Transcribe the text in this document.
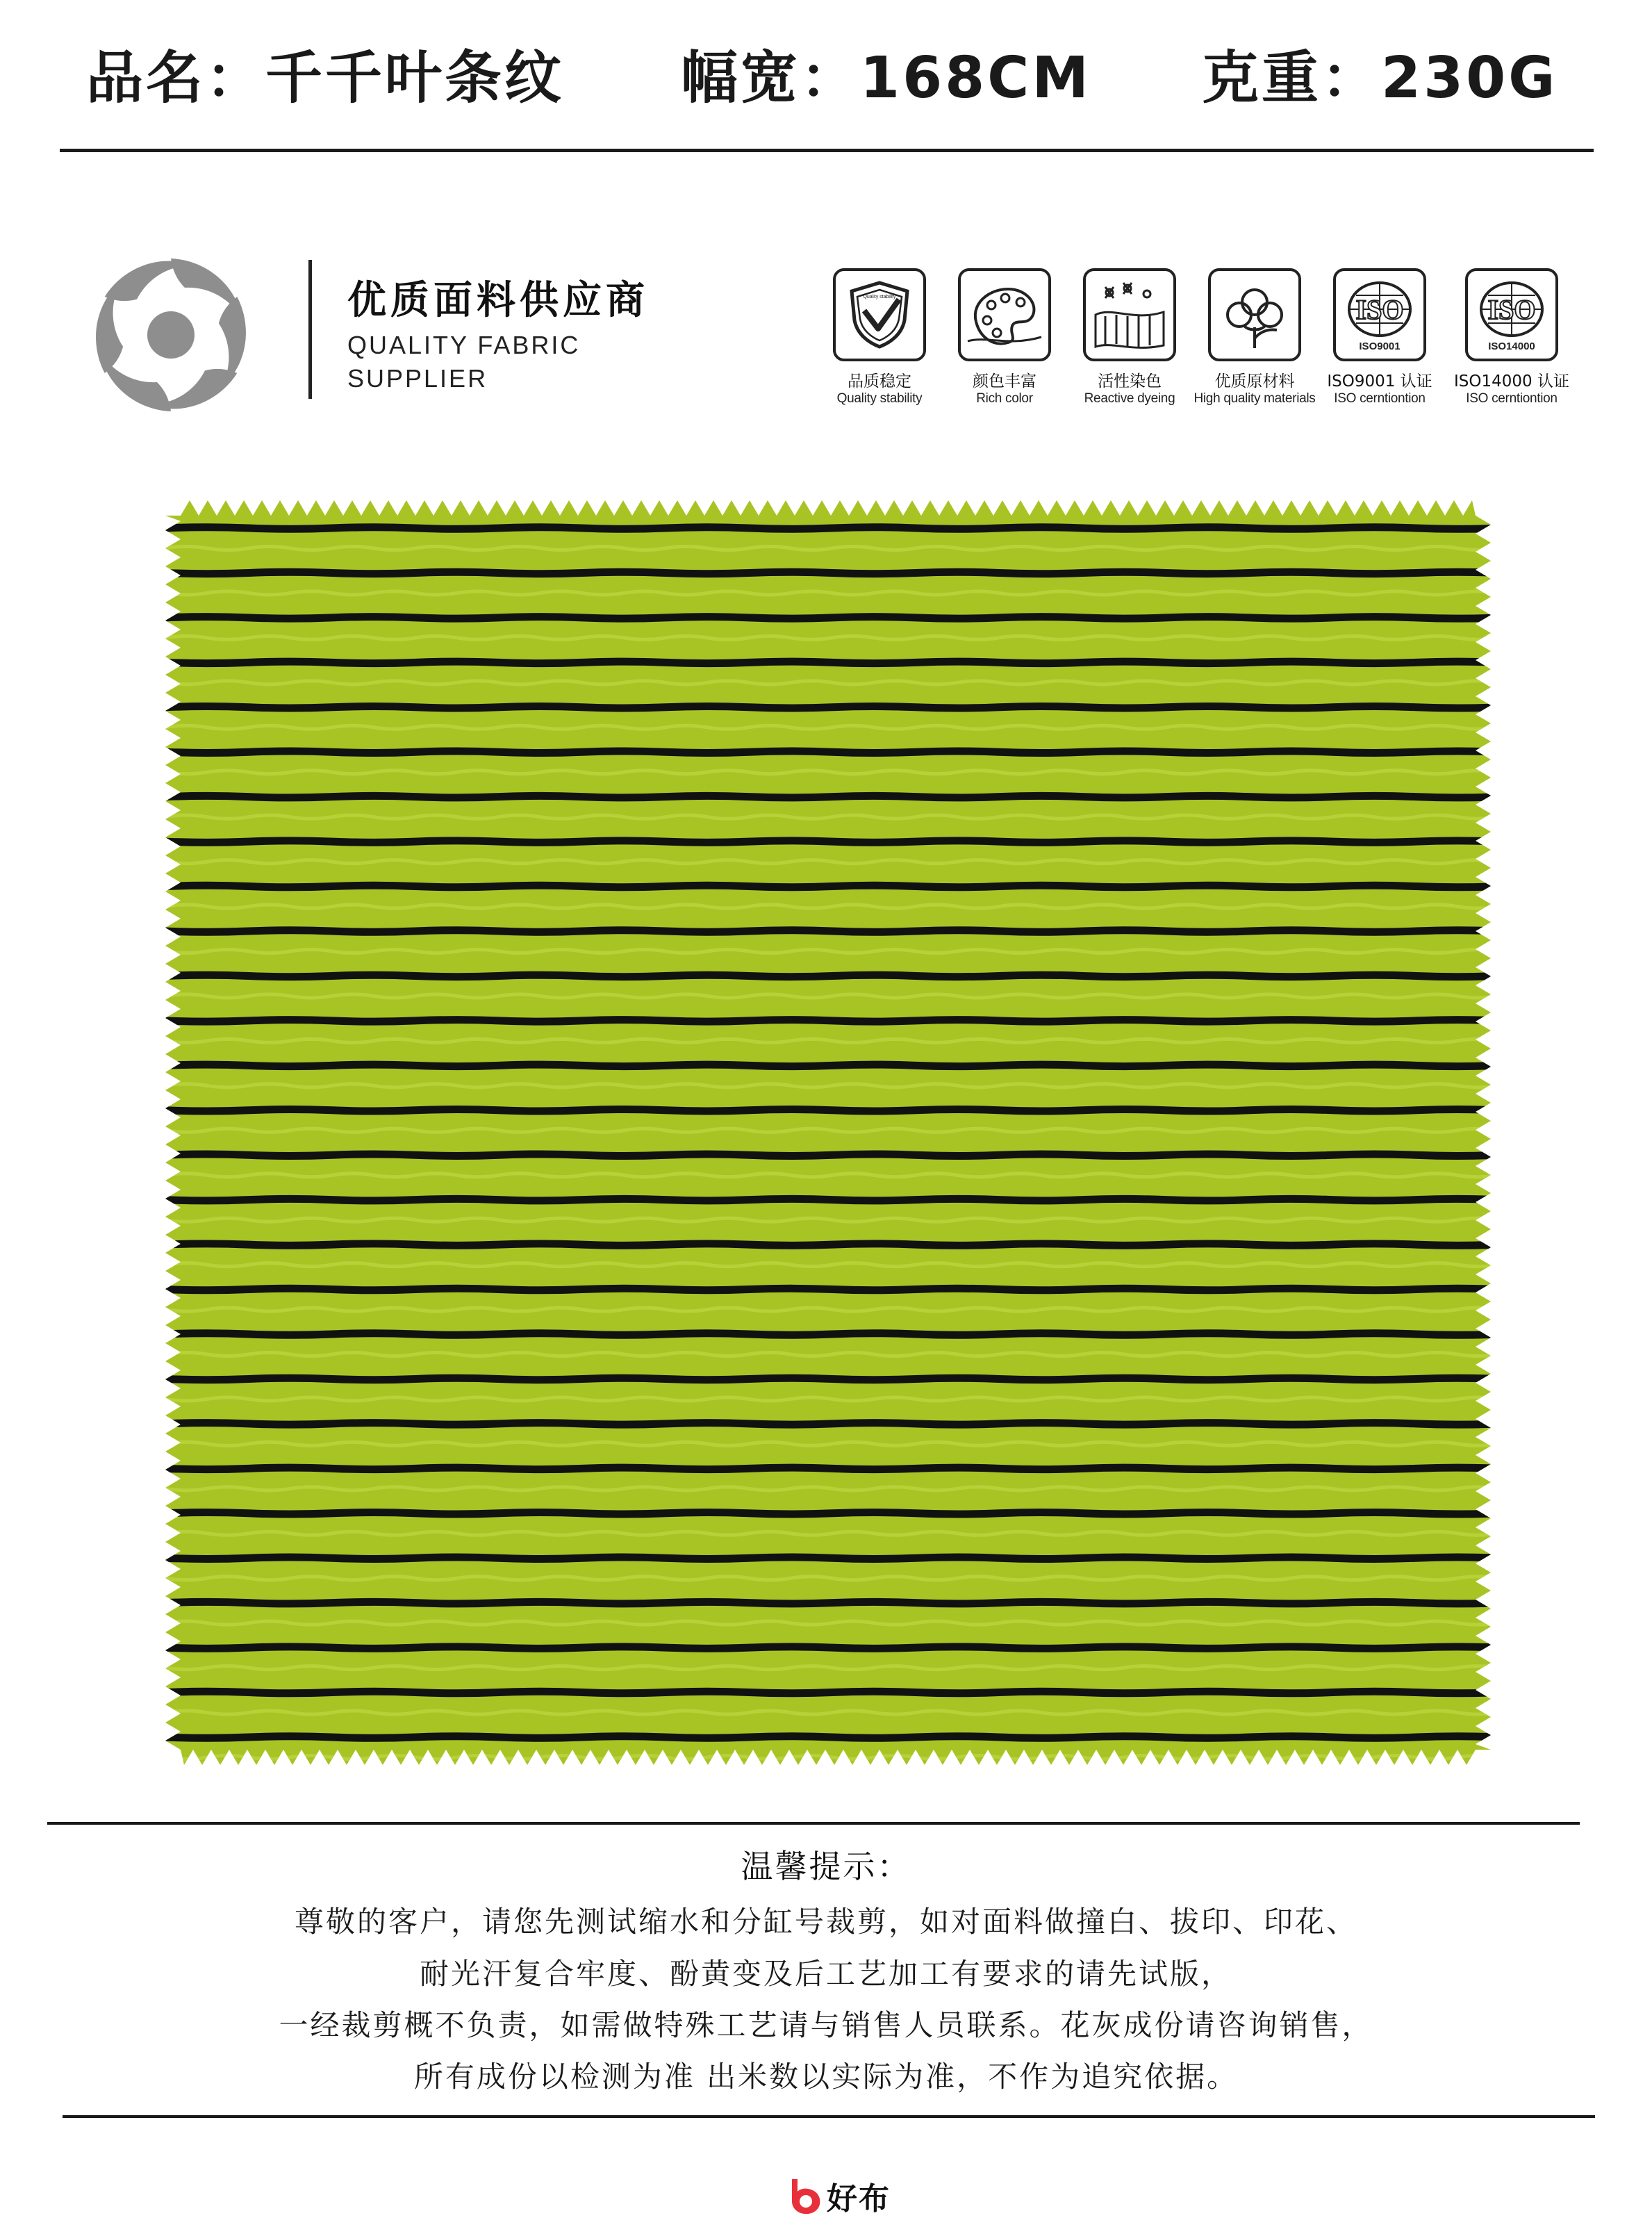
品名：千千叶条纹 幅宽：168CM 克重：230G
优质面料供应商
QUALITY FABRIC
SUPPLIER
Quality stability
品质稳定
Quality stability
颜色丰富
Rich color
活性染色
Reactive dyeing
优质原材料
High quality materials
ISO
ISO9001
ISO9001 认证
ISO cerntiontion
ISO
ISO14000
ISO14000 认证
ISO cerntiontion
温馨提示：
尊敬的客户，请您先测试缩水和分缸号裁剪，如对面料做撞白、拔印、印花、
耐光汗复合牢度、酚黄变及后工艺加工有要求的请先试版，
一经裁剪概不负责，如需做特殊工艺请与销售人员联系。花灰成份请咨询销售，
所有成份以检测为准 出米数以实际为准，不作为追究依据。
好布
